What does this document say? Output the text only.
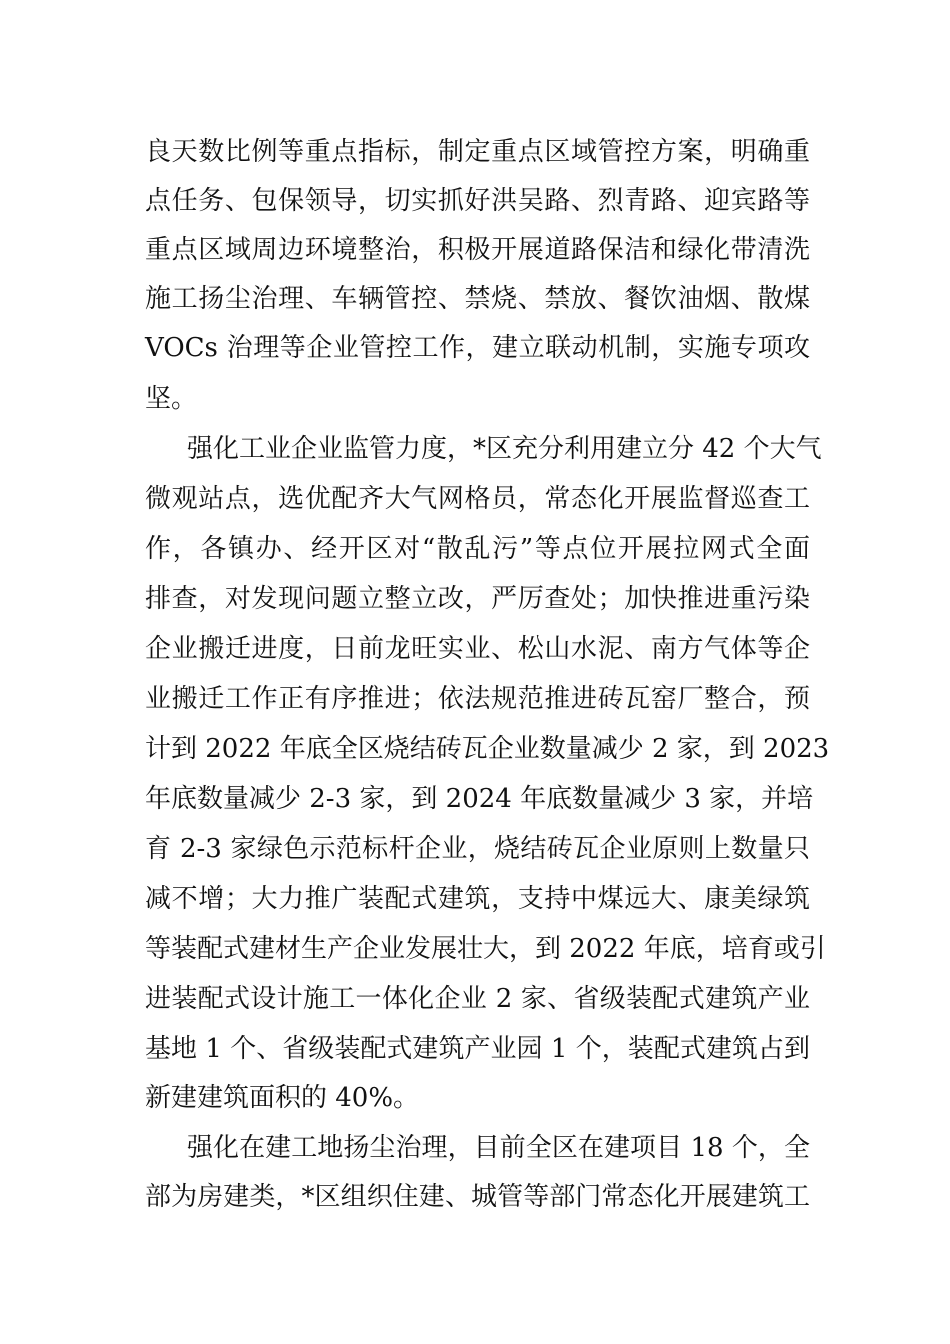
良天数比例等重点指标，制定重点区域管控方案，明确重
点任务、包保领导，切实抓好洪吴路、烈青路、迎宾路等
重点区域周边环境整治，积极开展道路保洁和绿化带清洗
施工扬尘治理、车辆管控、禁烧、禁放、餐饮油烟、散煤
VOCs 治理等企业管控工作，建立联动机制，实施专项攻
坚。
强化工业企业监管力度，*区充分利用建立分 42 个大气
微观站点，选优配齐大气网格员，常态化开展监督巡查工
作，各镇办、经开区对“散乱污”等点位开展拉网式全面
排查，对发现问题立整立改，严厉查处；加快推进重污染
企业搬迁进度，日前龙旺实业、松山水泥、南方气体等企
业搬迁工作正有序推进；依法规范推进砖瓦窑厂整合，预
计到 2022 年底全区烧结砖瓦企业数量减少 2 家，到 2023
年底数量减少 2-3 家，到 2024 年底数量减少 3 家，并培
育 2-3 家绿色示范标杆企业，烧结砖瓦企业原则上数量只
减不增；大力推广装配式建筑，支持中煤远大、康美绿筑
等装配式建材生产企业发展壮大，到 2022 年底，培育或引
进装配式设计施工一体化企业 2 家、省级装配式建筑产业
基地 1 个、省级装配式建筑产业园 1 个，装配式建筑占到
新建建筑面积的 40%。
强化在建工地扬尘治理，目前全区在建项目 18 个，全
部为房建类，*区组织住建、城管等部门常态化开展建筑工
